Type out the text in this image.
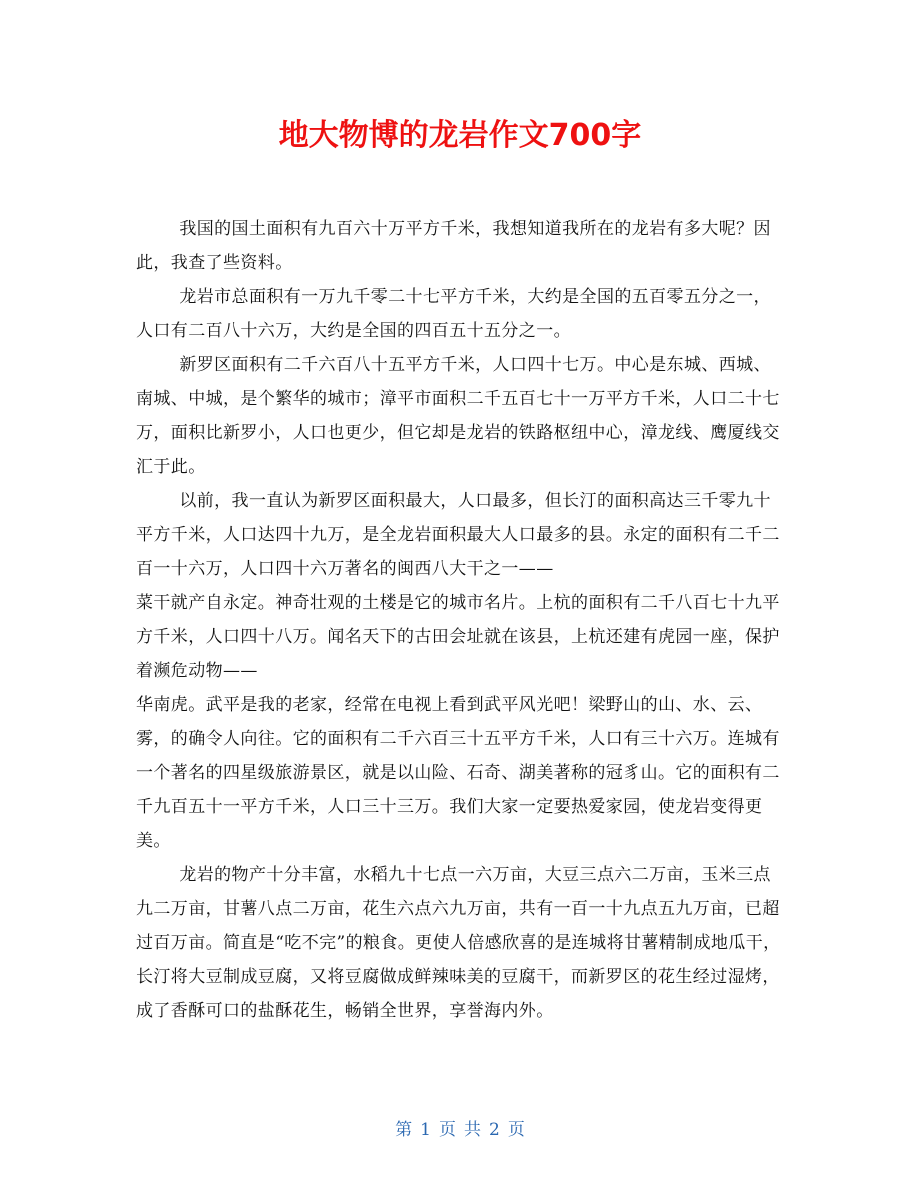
地大物博的龙岩作文700字

我国的国土面积有九百六十万平方千米，我想知道我所在的龙岩有多大呢？因此，我查了些资料。

龙岩市总面积有一万九千零二十七平方千米，大约是全国的五百零五分之一，人口有二百八十六万，大约是全国的四百五十五分之一。

新罗区面积有二千六百八十五平方千米，人口四十七万。中心是东城、西城、南城、中城，是个繁华的城市；漳平市面积二千五百七十一万平方千米，人口二十七万，面积比新罗小，人口也更少，但它却是龙岩的铁路枢纽中心，漳龙线、鹰厦线交汇于此。

以前，我一直认为新罗区面积最大，人口最多，但长汀的面积高达三千零九十平方千米，人口达四十九万，是全龙岩面积最大人口最多的县。永定的面积有二千二百一十六万，人口四十六万著名的闽西八大干之一——

菜干就产自永定。神奇壮观的土楼是它的城市名片。上杭的面积有二千八百七十九平方千米，人口四十八万。闻名天下的古田会址就在该县，上杭还建有虎园一座，保护着濒危动物——

华南虎。武平是我的老家，经常在电视上看到武平风光吧！梁野山的山、水、云、雾，的确令人向往。它的面积有二千六百三十五平方千米，人口有三十六万。连城有一个著名的四星级旅游景区，就是以山险、石奇、湖美著称的冠豸山。它的面积有二千九百五十一平方千米，人口三十三万。我们大家一定要热爱家园，使龙岩变得更美。

龙岩的物产十分丰富，水稻九十七点一六万亩，大豆三点六二万亩，玉米三点九二万亩，甘薯八点二万亩，花生六点六九万亩，共有一百一十九点五九万亩，已超过百万亩。简直是“吃不完”的粮食。更使人倍感欣喜的是连城将甘薯精制成地瓜干，长汀将大豆制成豆腐，又将豆腐做成鲜辣味美的豆腐干，而新罗区的花生经过湿烤，成了香酥可口的盐酥花生，畅销全世界，享誉海内外。

第 1 页 共 2 页
